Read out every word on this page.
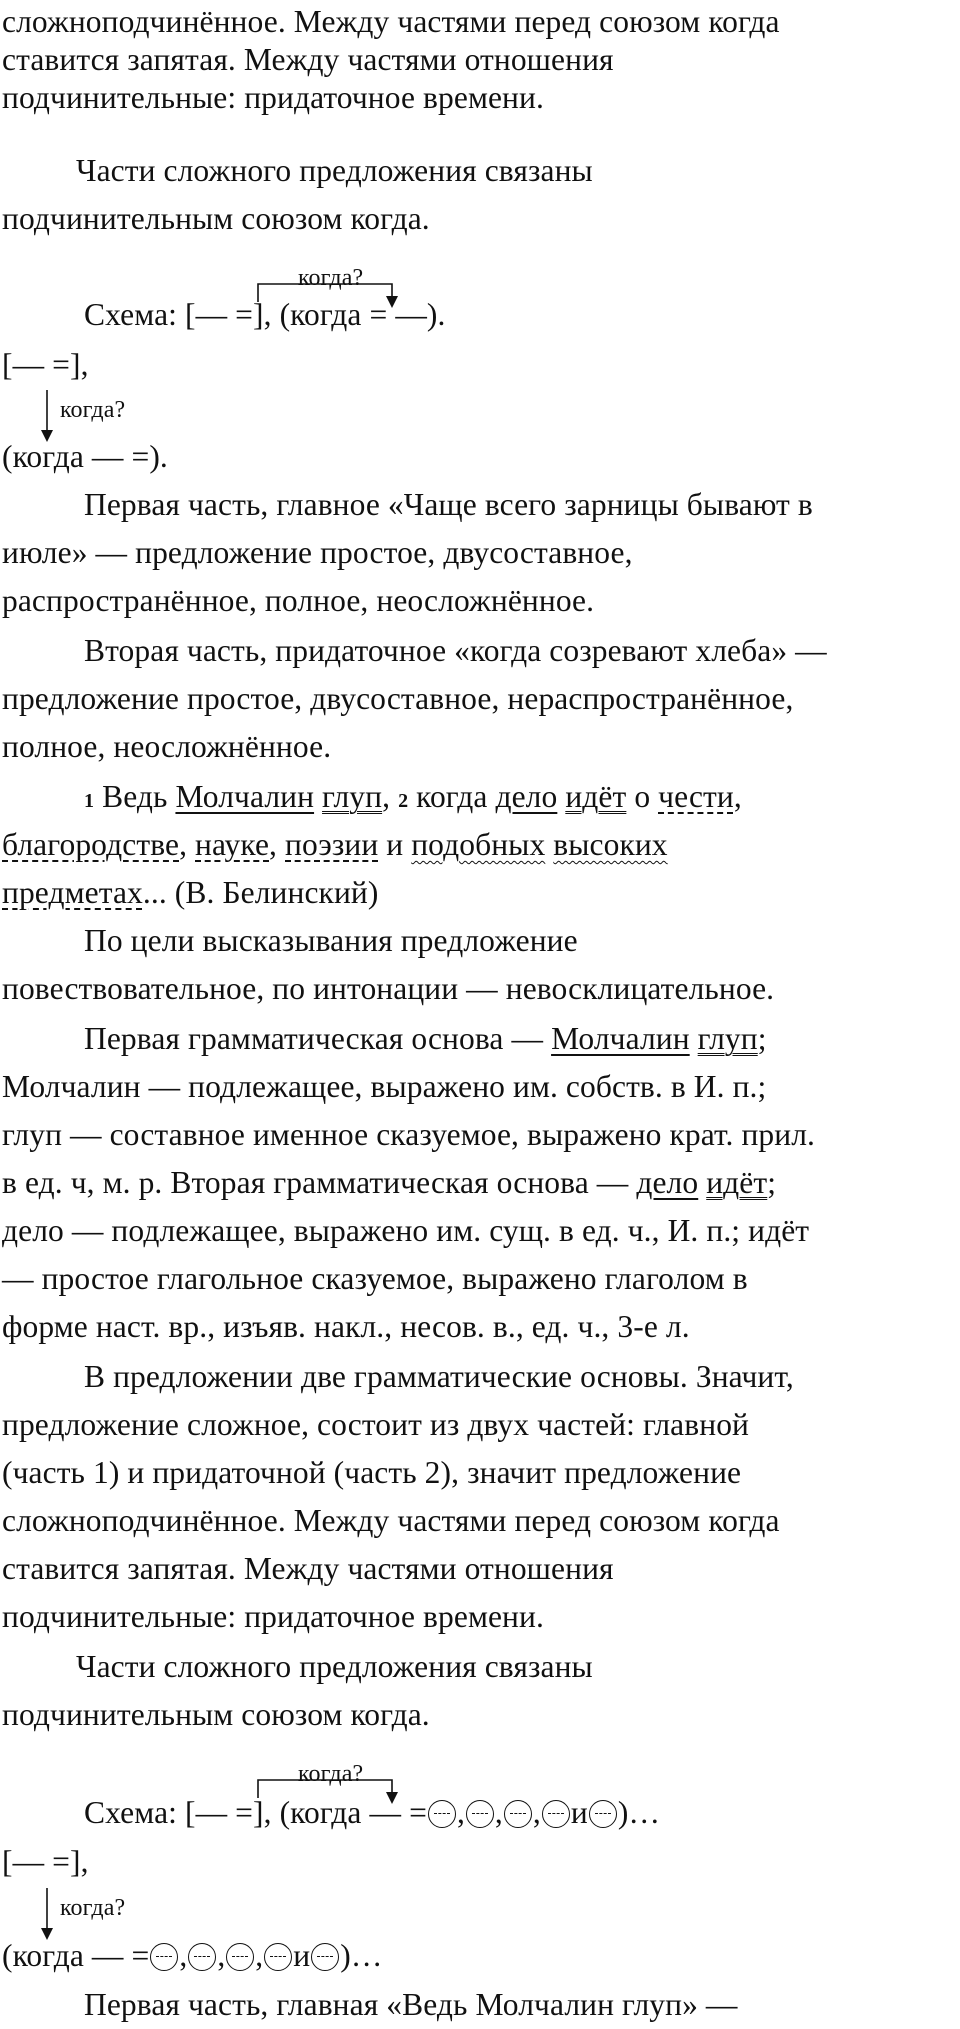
сложноподчинённое. Между частями перед союзом когда
ставится запятая. Между частями отношения
подчинительные: придаточное времени.
Части сложного предложения связаны
подчинительным союзом когда.
когда?
Схема: [— =], (когда = —).
[— =],
когда?
(когда — =).
Первая часть, главное «Чаще всего зарницы бывают в
июле» — предложение простое, двусоставное,
распространённое, полное, неосложнённое.
Вторая часть, придаточное «когда созревают хлеба» —
предложение простое, двусоставное, нераспространённое,
полное, неосложнённое.
1 Ведь Молчалин глуп, 2 когда дело идёт о чести,
благородстве, науке, поэзии и подобных высоких
предметах... (В. Белинский)
По цели высказывания предложение
повествовательное, по интонации — невосклицательное.
Первая грамматическая основа — Молчалин глуп;
Молчалин — подлежащее, выражено им. собств. в И. п.;
глуп — составное именное сказуемое, выражено крат. прил.
в ед. ч, м. р. Вторая грамматическая основа — дело идёт;
дело — подлежащее, выражено им. сущ. в ед. ч., И. п.; идёт
— простое глагольное сказуемое, выражено глаголом в
форме наст. вр., изъяв. накл., несов. в., ед. ч., 3-е л.
В предложении две грамматические основы. Значит,
предложение сложное, состоит из двух частей: главной
(часть 1) и придаточной (часть 2), значит предложение
сложноподчинённое. Между частями перед союзом когда
ставится запятая. Между частями отношения
подчинительные: придаточное времени.
Части сложного предложения связаны
подчинительным союзом когда.
когда?
Схема: [— =], (когда — = , , , и )…
[— =],
когда?
(когда — = , , , и )…
Первая часть, главная «Ведь Молчалин глуп» —
